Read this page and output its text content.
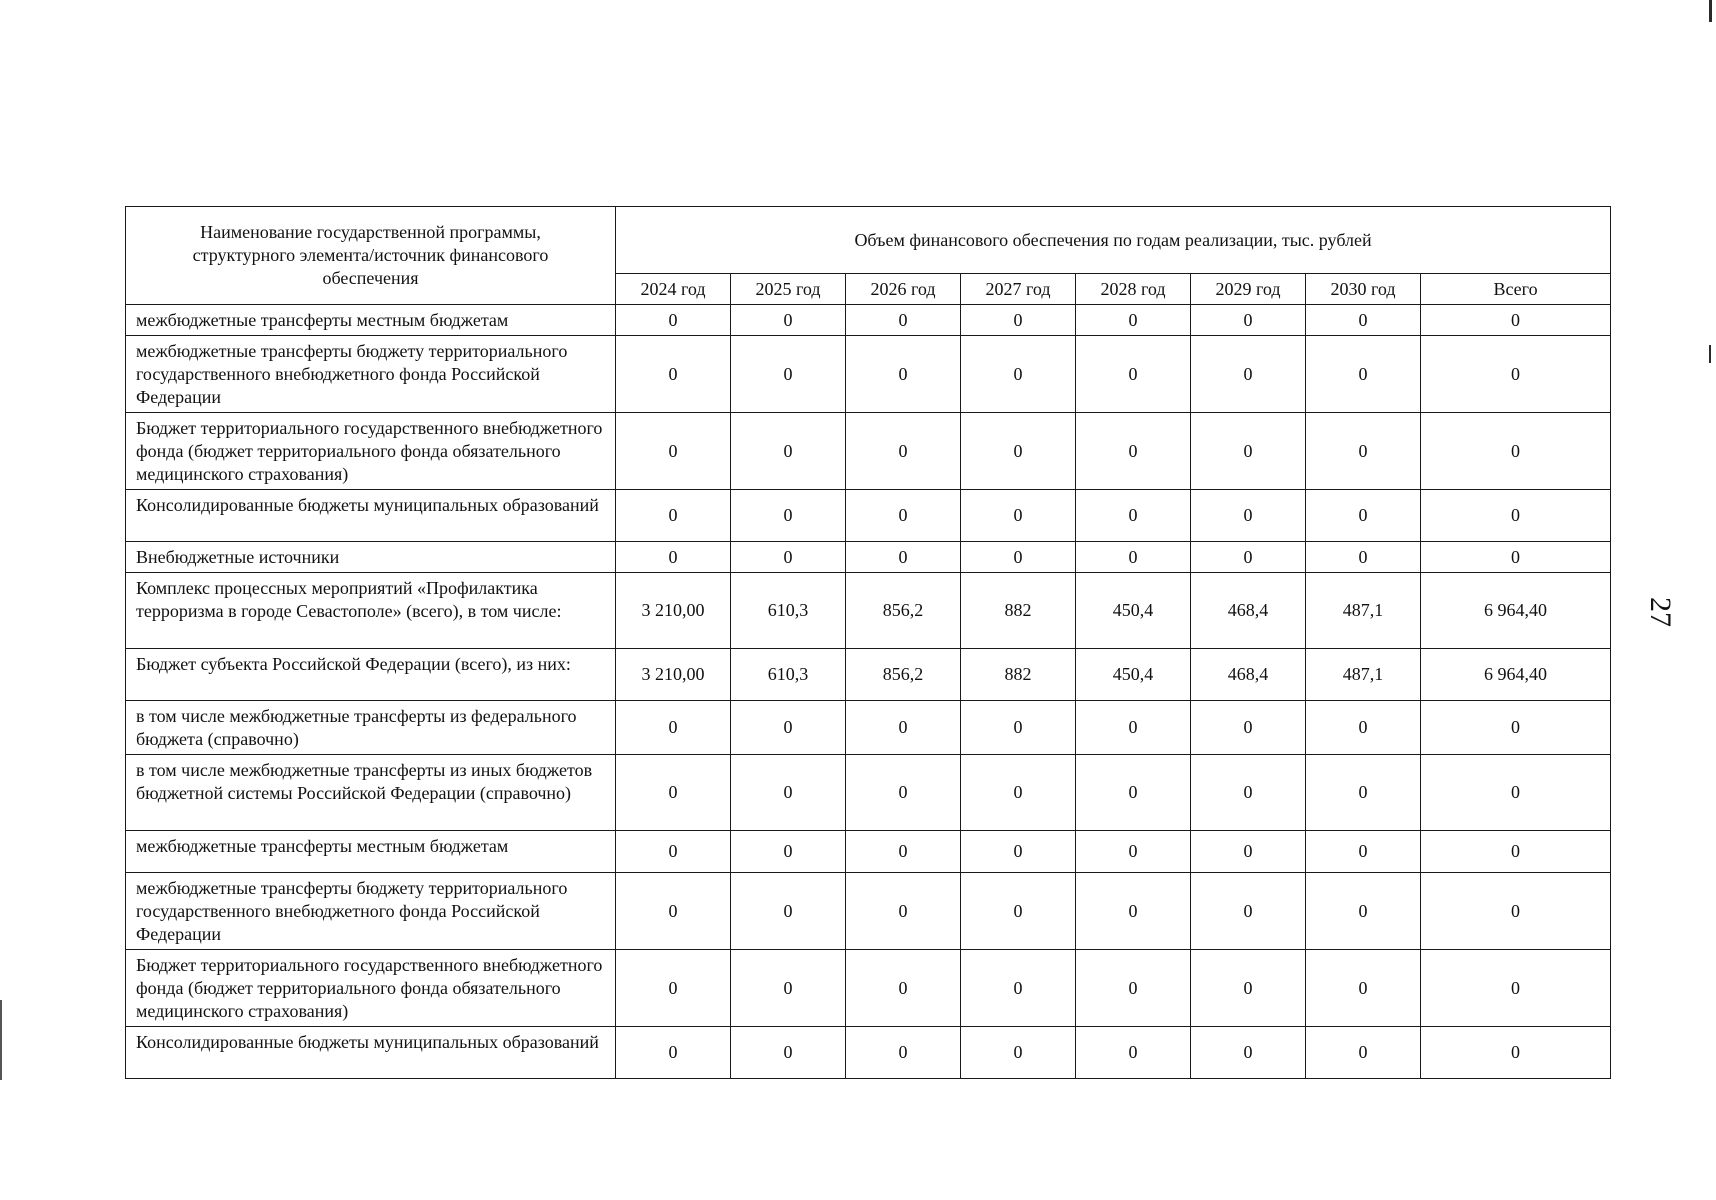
27
Наименование государственной программы, структурного элемента/источник финансового обеспечения	Объем финансового обеспечения по годам реализации, тыс. рублей							
	2024 год	2025 год	2026 год	2027 год	2028 год	2029 год	2030 год	Всего
межбюджетные трансферты местным бюджетам	0	0	0	0	0	0	0	0
межбюджетные трансферты бюджету территориального государственного внебюджетного фонда Российской Федерации	0	0	0	0	0	0	0	0
Бюджет территориального государственного внебюджетного фонда (бюджет территориального фонда обязательного медицинского страхования)	0	0	0	0	0	0	0	0
Консолидированные бюджеты муниципальных образований	0	0	0	0	0	0	0	0
Внебюджетные источники	0	0	0	0	0	0	0	0
Комплекс процессных мероприятий «Профилактика терроризма в городе Севастополе» (всего), в том числе:	3 210,00	610,3	856,2	882	450,4	468,4	487,1	6 964,40
Бюджет субъекта Российской Федерации (всего), из них:	3 210,00	610,3	856,2	882	450,4	468,4	487,1	6 964,40
в том числе межбюджетные трансферты из федерального бюджета (справочно)	0	0	0	0	0	0	0	0
в том числе межбюджетные трансферты из иных бюджетов бюджетной системы Российской Федерации (справочно)	0	0	0	0	0	0	0	0
межбюджетные трансферты местным бюджетам	0	0	0	0	0	0	0	0
межбюджетные трансферты бюджету территориального государственного внебюджетного фонда Российской Федерации	0	0	0	0	0	0	0	0
Бюджет территориального государственного внебюджетного фонда (бюджет территориального фонда обязательного медицинского страхования)	0	0	0	0	0	0	0	0
Консолидированные бюджеты муниципальных образований	0	0	0	0	0	0	0	0
